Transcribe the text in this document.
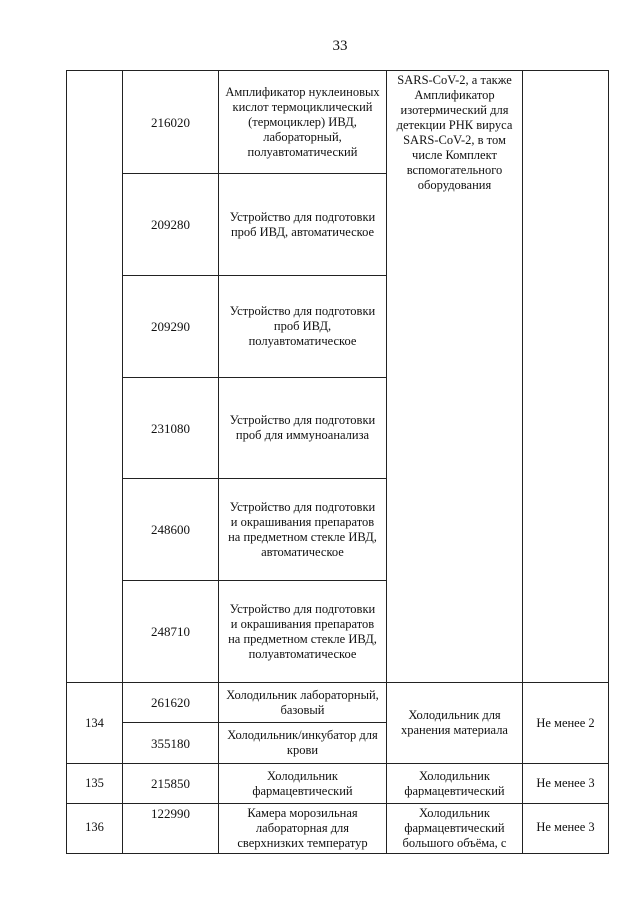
33
	216020	Амплификатор нуклеиновых кислот термоциклический (термоциклер) ИВД, лабораторный, полуавтоматический	SARS-CoV-2, а также Амплификатор изотермический для детекции РНК вируса SARS-CoV-2, в том числе Комплект вспомогательного оборудования	
	209280	Устройство для подготовки проб ИВД, автоматическое		
	209290	Устройство для подготовки проб ИВД, полуавтоматическое		
	231080	Устройство для подготовки проб для иммуноанализа		
	248600	Устройство для подготовки и окрашивания препаратов на предметном стекле ИВД, автоматическое		
	248710	Устройство для подготовки и окрашивания препаратов на предметном стекле ИВД, полуавтоматическое		
134	261620	Холодильник лабораторный, базовый	Холодильник для хранения материала	Не менее 2
	355180	Холодильник/инкубатор для крови		
135	215850	Холодильник фармацевтический	Холодильник фармацевтический	Не менее 3
136	122990	Камера морозильная лабораторная для сверхнизких температур	Холодильник фармацевтический большого объёма, с	Не менее 3
